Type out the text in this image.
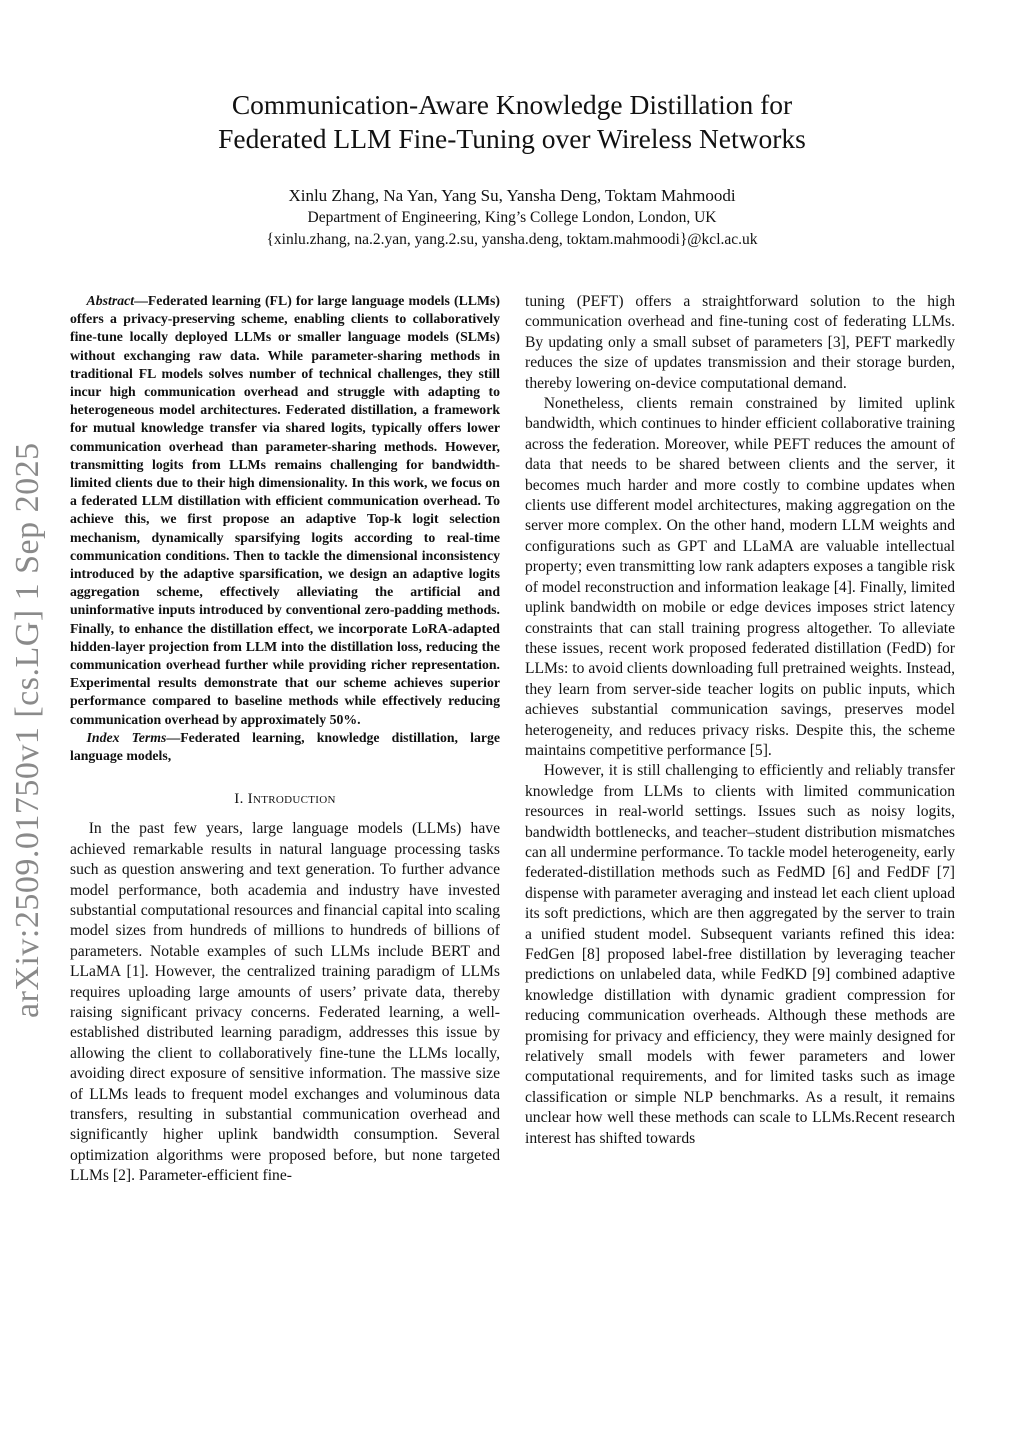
arXiv:2509.01750v1 [cs.LG] 1 Sep 2025
Communication-Aware Knowledge Distillation for
Federated LLM Fine-Tuning over Wireless Networks
Xinlu Zhang, Na Yan, Yang Su, Yansha Deng, Toktam Mahmoodi
Department of Engineering, King’s College London, London, UK
{xinlu.zhang, na.2.yan, yang.2.su, yansha.deng, toktam.mahmoodi}@kcl.ac.uk

Abstract—Federated learning (FL) for large language models (LLMs) offers a privacy-preserving scheme, enabling clients to collaboratively fine-tune locally deployed LLMs or smaller language models (SLMs) without exchanging raw data. While parameter-sharing methods in traditional FL models solves number of technical challenges, they still incur high communication overhead and struggle with adapting to heterogeneous model architectures. Federated distillation, a framework for mutual knowledge transfer via shared logits, typically offers lower communication overhead than parameter-sharing methods. However, transmitting logits from LLMs remains challenging for bandwidth-limited clients due to their high dimensionality. In this work, we focus on a federated LLM distillation with efficient communication overhead. To achieve this, we first propose an adaptive Top-k logit selection mechanism, dynamically sparsifying logits according to real-time communication conditions. Then to tackle the dimensional inconsistency introduced by the adaptive sparsification, we design an adaptive logits aggregation scheme, effectively alleviating the artificial and uninformative inputs introduced by conventional zero-padding methods. Finally, to enhance the distillation effect, we incorporate LoRA-adapted hidden-layer projection from LLM into the distillation loss, reducing the communication overhead further while providing richer representation. Experimental results demonstrate that our scheme achieves superior performance compared to baseline methods while effectively reducing communication overhead by approximately 50%.

Index Terms—Federated learning, knowledge distillation, large language models,

I. Introduction

In the past few years, large language models (LLMs) have achieved remarkable results in natural language processing tasks such as question answering and text generation. To further advance model performance, both academia and industry have invested substantial computational resources and financial capital into scaling model sizes from hundreds of millions to hundreds of billions of parameters. Notable examples of such LLMs include BERT and LLaMA [1]. However, the centralized training paradigm of LLMs requires uploading large amounts of users’ private data, thereby raising significant privacy concerns. Federated learning, a well-established distributed learning paradigm, addresses this issue by allowing the client to collaboratively fine-tune the LLMs locally, avoiding direct exposure of sensitive information. The massive size of LLMs leads to frequent model exchanges and voluminous data transfers, resulting in substantial communication overhead and significantly higher uplink bandwidth consumption. Several optimization algorithms were proposed before, but none targeted LLMs [2]. Parameter-efficient fine-

tuning (PEFT) offers a straightforward solution to the high communication overhead and fine-tuning cost of federating LLMs. By updating only a small subset of parameters [3], PEFT markedly reduces the size of updates transmission and their storage burden, thereby lowering on-device computational demand.

Nonetheless, clients remain constrained by limited uplink bandwidth, which continues to hinder efficient collaborative training across the federation. Moreover, while PEFT reduces the amount of data that needs to be shared between clients and the server, it becomes much harder and more costly to combine updates when clients use different model architectures, making aggregation on the server more complex. On the other hand, modern LLM weights and configurations such as GPT and LLaMA are valuable intellectual property; even transmitting low rank adapters exposes a tangible risk of model reconstruction and information leakage [4]. Finally, limited uplink bandwidth on mobile or edge devices imposes strict latency constraints that can stall training progress altogether. To alleviate these issues, recent work proposed federated distillation (FedD) for LLMs: to avoid clients downloading full pretrained weights. Instead, they learn from server-side teacher logits on public inputs, which achieves substantial communication savings, preserves model heterogeneity, and reduces privacy risks. Despite this, the scheme maintains competitive performance [5].

However, it is still challenging to efficiently and reliably transfer knowledge from LLMs to clients with limited communication resources in real-world settings. Issues such as noisy logits, bandwidth bottlenecks, and teacher–student distribution mismatches can all undermine performance. To tackle model heterogeneity, early federated-distillation methods such as FedMD [6] and FedDF [7] dispense with parameter averaging and instead let each client upload its soft predictions, which are then aggregated by the server to train a unified student model. Subsequent variants refined this idea: FedGen [8] proposed label-free distillation by leveraging teacher predictions on unlabeled data, while FedKD [9] combined adaptive knowledge distillation with dynamic gradient compression for reducing communication overheads. Although these methods are promising for privacy and efficiency, they were mainly designed for relatively small models with fewer parameters and lower computational requirements, and for limited tasks such as image classification or simple NLP benchmarks. As a result, it remains unclear how well these methods can scale to LLMs.Recent research interest has shifted towards
